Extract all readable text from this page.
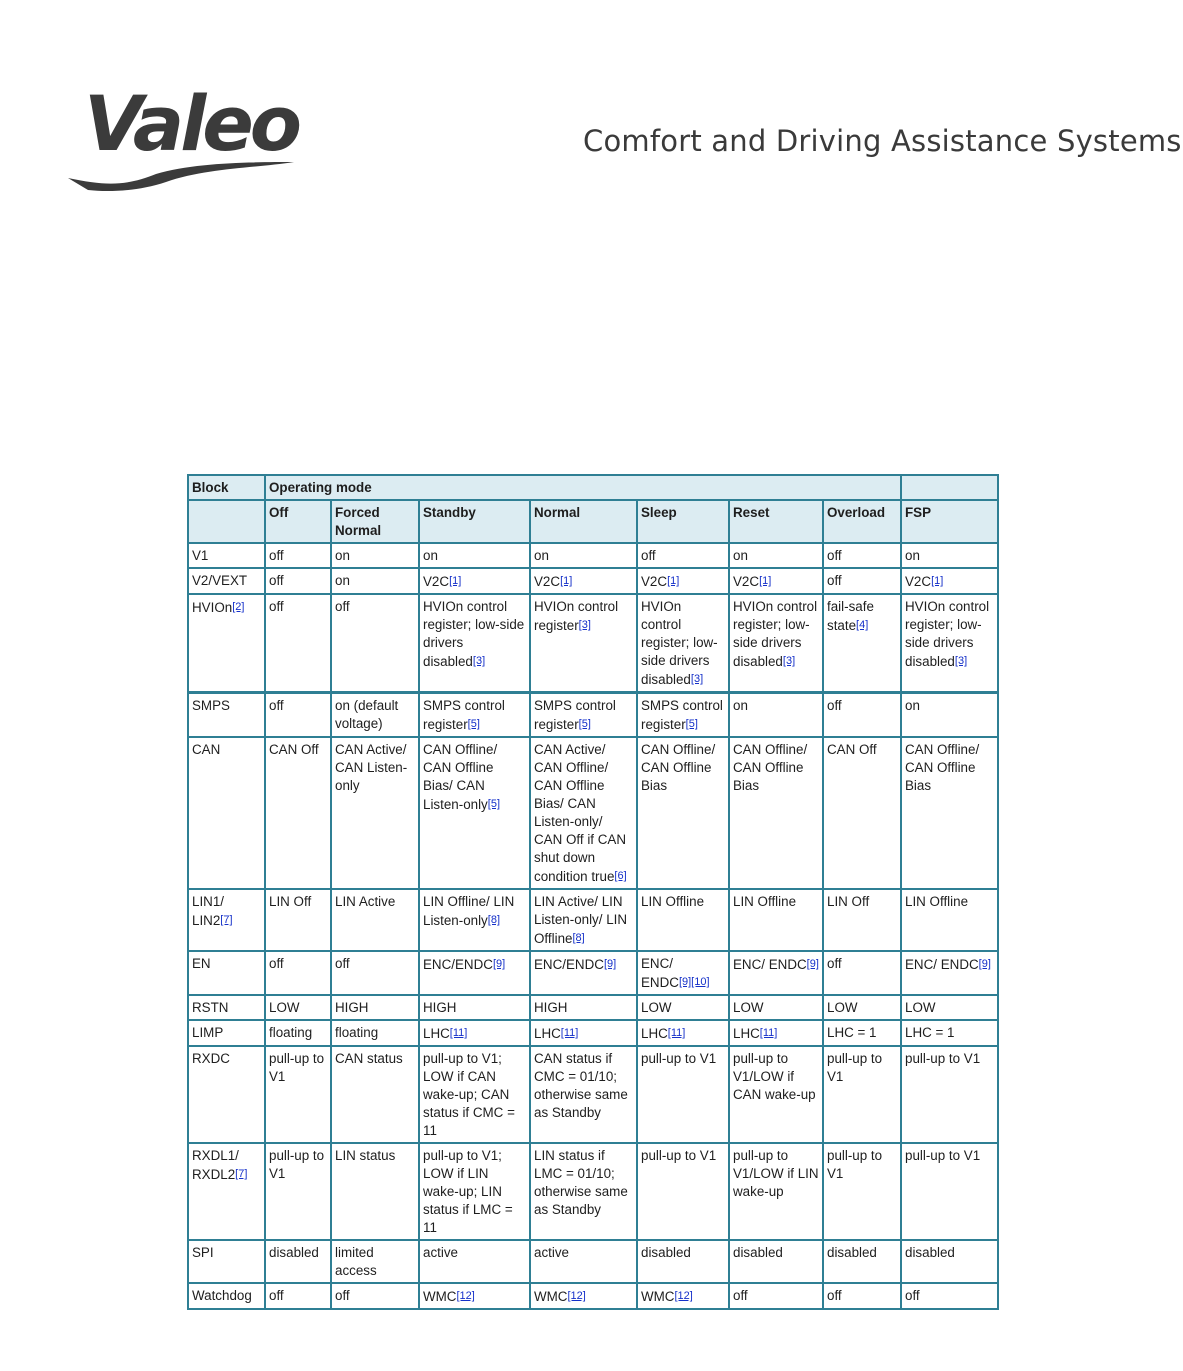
Valeo	Comfort and Driving Assistance Systems
Block	Operating mode							
	Off	Forced Normal	Standby	Normal	Sleep	Reset	Overload	FSP
V1	off	on	on	on	off	on	off	on
V2/VEXT	off	on	V2C[1]	V2C[1]	V2C[1]	V2C[1]	off	V2C[1]
HVIOn[2]	off	off	HVIOn control register; low-side drivers disabled[3]	HVIOn control register[3]	HVIOn control register; low-side drivers disabled[3]	HVIOn control register; low-side drivers disabled[3]	fail-safe state[4]	HVIOn control register; low-side drivers disabled[3]
SMPS	off	on (default voltage)	SMPS control register[5]	SMPS control register[5]	SMPS control register[5]	on	off	on
CAN	CAN Off	CAN Active/ CAN Listen-only	CAN Offline/ CAN Offline Bias/ CAN Listen-only[5]	CAN Active/ CAN Offline/ CAN Offline Bias/ CAN Listen-only/ CAN Off if CAN shut down condition true[6]	CAN Offline/ CAN Offline Bias	CAN Offline/ CAN Offline Bias	CAN Off	CAN Offline/ CAN Offline Bias
LIN1/ LIN2[7]	LIN Off	LIN Active	LIN Offline/ LIN Listen-only[8]	LIN Active/ LIN Listen-only/ LIN Offline[8]	LIN Offline	LIN Offline	LIN Off	LIN Offline
EN	off	off	ENC/ENDC[9]	ENC/ENDC[9]	ENC/ ENDC[9][10]	ENC/ ENDC[9]	off	ENC/ ENDC[9]
RSTN	LOW	HIGH	HIGH	HIGH	LOW	LOW	LOW	LOW
LIMP	floating	floating	LHC[11]	LHC[11]	LHC[11]	LHC[11]	LHC = 1	LHC = 1
RXDC	pull-up to V1	CAN status	pull-up to V1; LOW if CAN wake-up; CAN status if CMC = 11	CAN status if CMC = 01/10; otherwise same as Standby	pull-up to V1	pull-up to V1/LOW if CAN wake-up	pull-up to V1	pull-up to V1
RXDL1/ RXDL2[7]	pull-up to V1	LIN status	pull-up to V1; LOW if LIN wake-up; LIN status if LMC = 11	LIN status if LMC = 01/10; otherwise same as Standby	pull-up to V1	pull-up to V1/LOW if LIN wake-up	pull-up to V1	pull-up to V1
SPI	disabled	limited access	active	active	disabled	disabled	disabled	disabled
Watchdog	off	off	WMC[12]	WMC[12]	WMC[12]	off	off	off
